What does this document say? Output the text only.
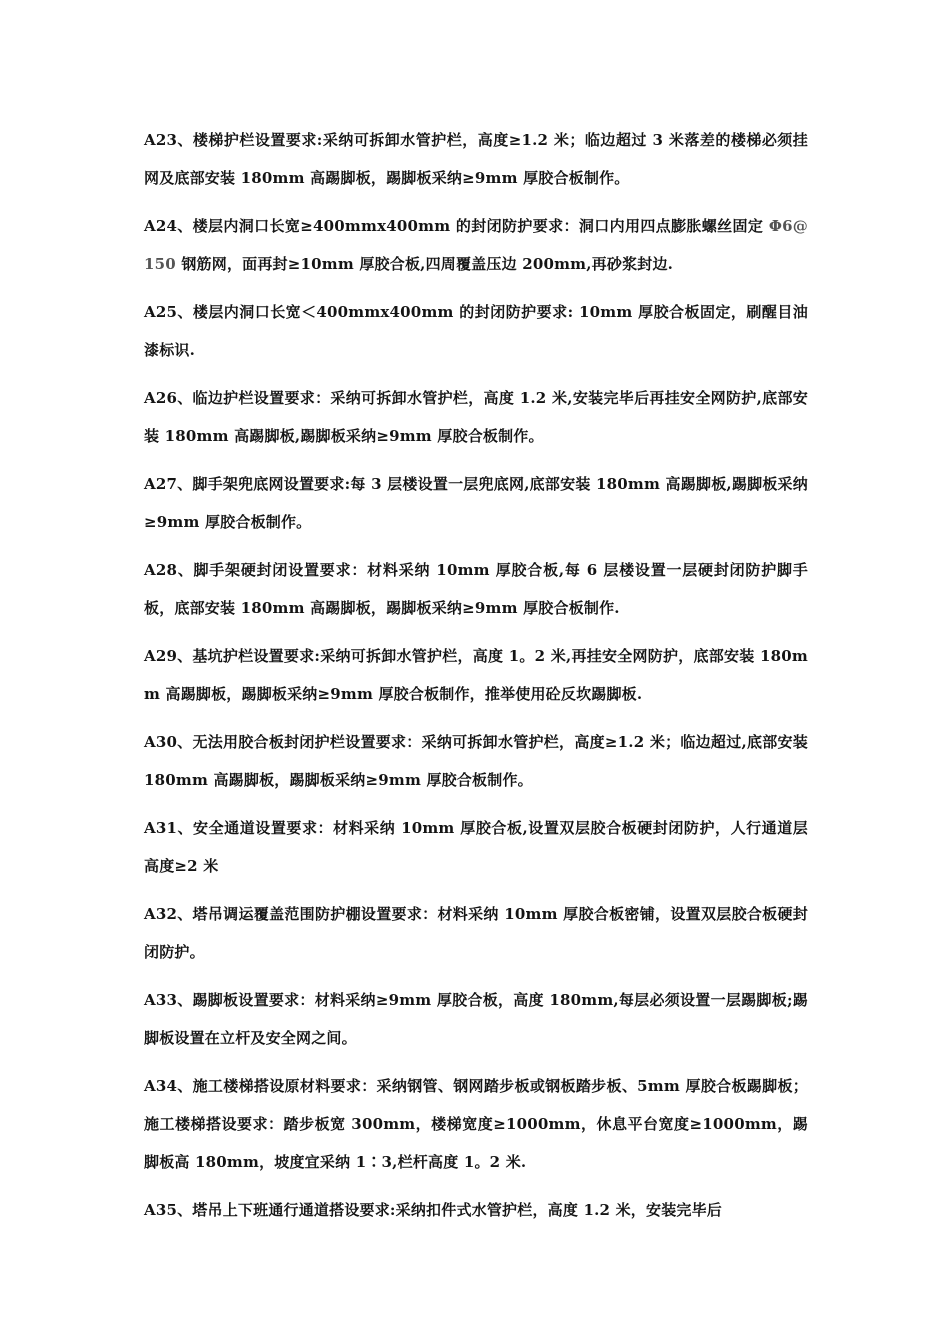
A23、楼梯护栏设置要求:采纳可拆卸水管护栏，高度≥1.2 米；临边超过 3 米落差的楼梯必须挂网及底部安装 180mm 高踢脚板，踢脚板采纳≥9mm 厚胶合板制作。

A24、楼层内洞口长宽≥400mmx400mm 的封闭防护要求：洞口内用四点膨胀螺丝固定 Φ6@150 钢筋网，面再封≥10mm 厚胶合板,四周覆盖压边 200mm,再砂浆封边.

A25、楼层内洞口长宽＜400mmx400mm 的封闭防护要求: 10mm 厚胶合板固定，刷醒目油漆标识.

A26、临边护栏设置要求：采纳可拆卸水管护栏，高度 1.2 米,安装完毕后再挂安全网防护,底部安装 180mm 高踢脚板,踢脚板采纳≥9mm 厚胶合板制作。

A27、脚手架兜底网设置要求:每 3 层楼设置一层兜底网,底部安装 180mm 高踢脚板,踢脚板采纳≥9mm 厚胶合板制作。

A28、脚手架硬封闭设置要求：材料采纳 10mm 厚胶合板,每 6 层楼设置一层硬封闭防护脚手板，底部安装 180mm 高踢脚板，踢脚板采纳≥9mm 厚胶合板制作.

A29、基坑护栏设置要求:采纳可拆卸水管护栏，高度 1。2 米,再挂安全网防护，底部安装 180mm 高踢脚板，踢脚板采纳≥9mm 厚胶合板制作，推举使用砼反坎踢脚板.

A30、无法用胶合板封闭护栏设置要求：采纳可拆卸水管护栏，高度≥1.2 米；临边超过,底部安装 180mm 高踢脚板，踢脚板采纳≥9mm 厚胶合板制作。

A31、安全通道设置要求：材料采纳 10mm 厚胶合板,设置双层胶合板硬封闭防护，人行通道层高度≥2 米

A32、塔吊调运覆盖范围防护棚设置要求：材料采纳 10mm 厚胶合板密铺，设置双层胶合板硬封闭防护。

A33、踢脚板设置要求：材料采纳≥9mm 厚胶合板，高度 180mm,每层必须设置一层踢脚板;踢脚板设置在立杆及安全网之间。

A34、施工楼梯搭设原材料要求：采纳钢管、钢网踏步板或钢板踏步板、5mm 厚胶合板踢脚板；施工楼梯搭设要求：踏步板宽 300mm，楼梯宽度≥1000mm，休息平台宽度≥1000mm，踢脚板高 180mm，坡度宜采纳 1∶3,栏杆高度 1。2 米.

A35、塔吊上下班通行通道搭设要求:采纳扣件式水管护栏，高度 1.2 米，安装完毕后
